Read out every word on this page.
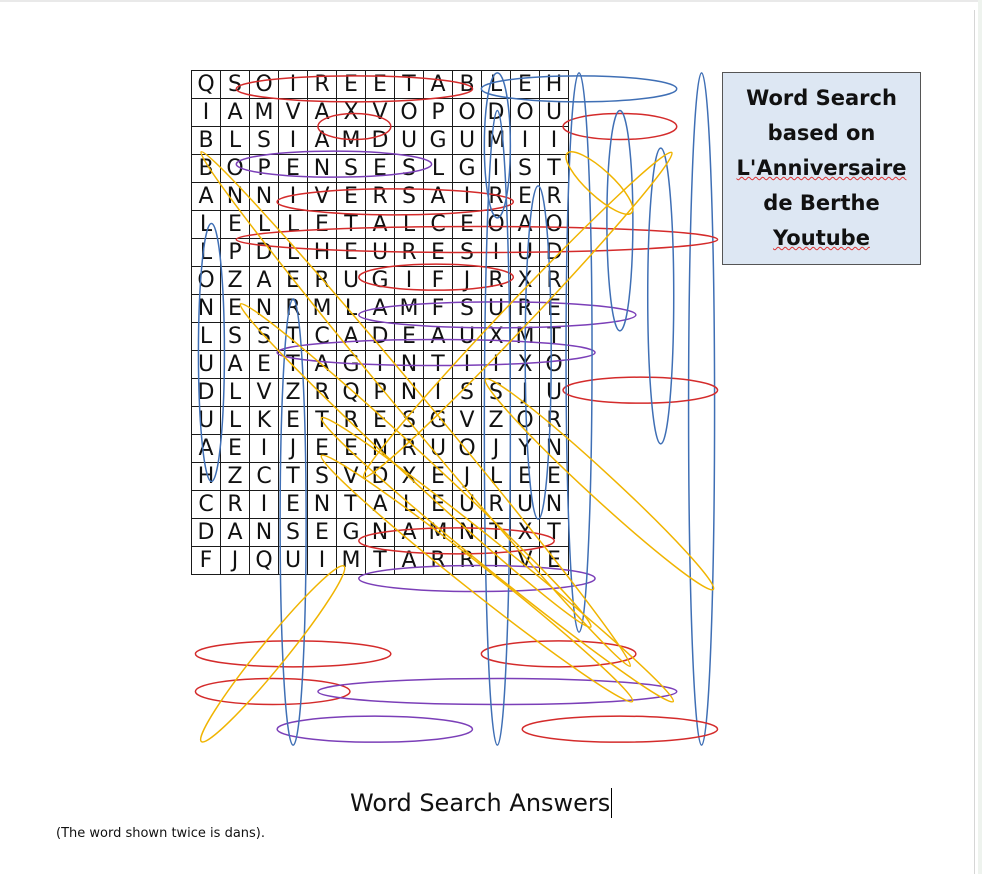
Q	S	O	I	R	E	E	T	A	B	L	E	H
I	A	M	V	A	X	V	O	P	O	D	O	U
B	L	S	I	A	M	D	U	G	U	M	I	I
B	O	P	E	N	S	E	S	L	G	I	S	T
A	N	N	I	V	E	R	S	A	I	R	E	R
L	E	L	L	E	T	A	L	C	E	O	A	O
L	P	D	L	H	E	U	R	E	S	I	U	D
O	Z	A	E	R	U	G	I	F	J	R	X	R
N	E	N	R	M	L	A	M	F	S	U	R	E
L	S	S	T	C	A	D	E	A	U	X	M	T
U	A	E	T	A	G	I	N	T	I	I	X	O
D	L	V	Z	R	Q	P	N	I	S	S	J	U
U	L	K	E	T	R	E	S	G	V	Z	O	R
A	E	I	J	E	E	N	R	U	O	J	Y	N
H	Z	C	T	S	V	D	X	E	J	L	E	E
C	R	I	E	N	T	A	L	E	U	R	U	N
D	A	N	S	E	G	N	A	M	N	T	X	T
F	J	Q	U	I	M	T	A	R	R	I	V	E
Word Search
based on
L'Anniversaire
de Berthe
Youtube
Word Search Answers
(The word shown twice is dans).
